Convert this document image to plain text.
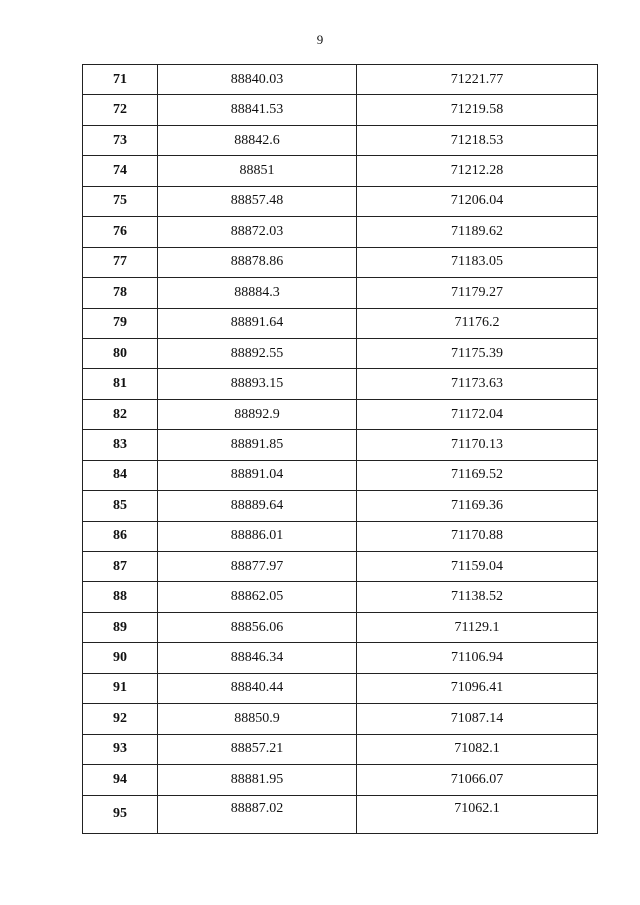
9
71	88840.03	71221.77
72	88841.53	71219.58
73	88842.6	71218.53
74	88851	71212.28
75	88857.48	71206.04
76	88872.03	71189.62
77	88878.86	71183.05
78	88884.3	71179.27
79	88891.64	71176.2
80	88892.55	71175.39
81	88893.15	71173.63
82	88892.9	71172.04
83	88891.85	71170.13
84	88891.04	71169.52
85	88889.64	71169.36
86	88886.01	71170.88
87	88877.97	71159.04
88	88862.05	71138.52
89	88856.06	71129.1
90	88846.34	71106.94
91	88840.44	71096.41
92	88850.9	71087.14
93	88857.21	71082.1
94	88881.95	71066.07
95	88887.02	71062.1
